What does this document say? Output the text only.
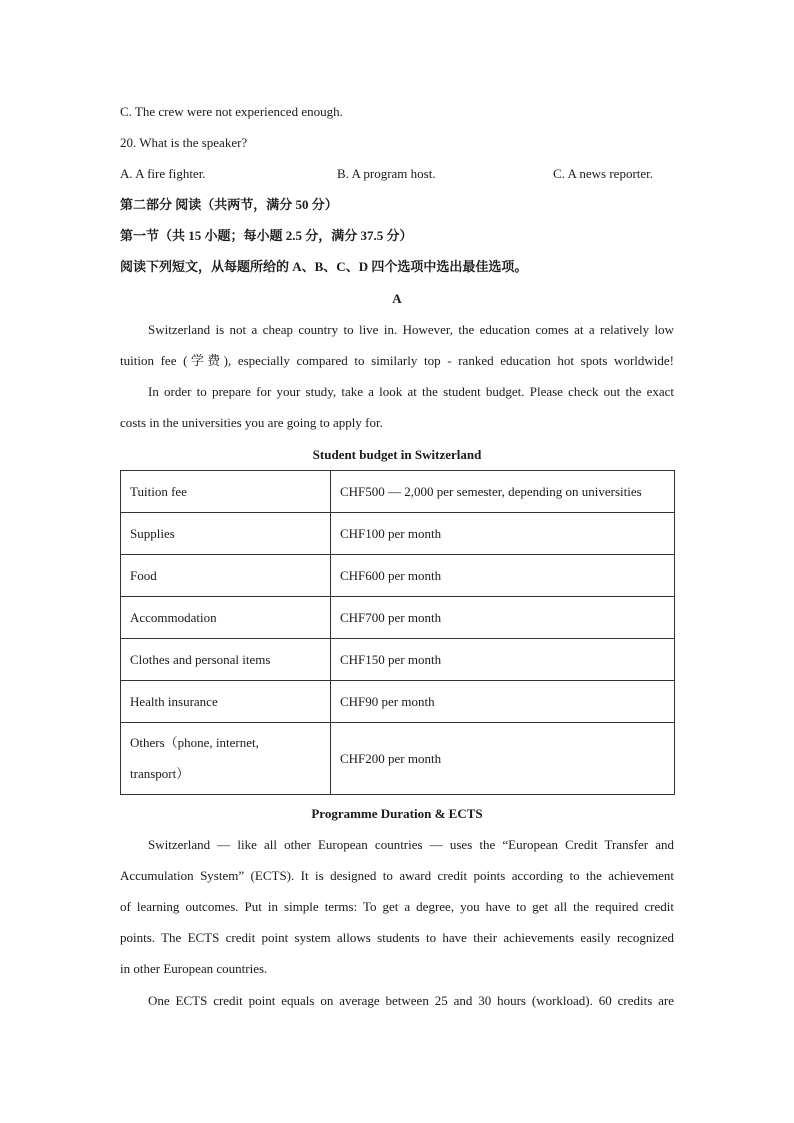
C. The crew were not experienced enough.
20. What is the speaker?
A. A fire fighter.	B. A program host.	C. A news reporter.
第二部分 阅读（共两节，满分 50 分）
第一节（共 15 小题；每小题 2.5 分，满分 37.5 分）
阅读下列短文，从每题所给的 A、B、C、D 四个选项中选出最佳选项。
A
Switzerland is not a cheap country to live in. However, the education comes at a relatively low
tuition fee (学费), especially compared to similarly top - ranked education hot spots worldwide!
In order to prepare for your study, take a look at the student budget. Please check out the exact
costs in the universities you are going to apply for.
Student budget in Switzerland
Tuition fee	CHF500 — 2,000 per semester, depending on universities
Supplies	CHF100 per month
Food	CHF600 per month
Accommodation	CHF700 per month
Clothes and personal items	CHF150 per month
Health insurance	CHF90 per month

Others（phone, internet,
transport）	CHF200 per month
Programme Duration & ECTS
Switzerland — like all other European countries — uses the “European Credit Transfer and
Accumulation System” (ECTS). It is designed to award credit points according to the achievement
of learning outcomes. Put in simple terms: To get a degree, you have to get all the required credit
points. The ECTS credit point system allows students to have their achievements easily recognized
in other European countries.
One ECTS credit point equals on average between 25 and 30 hours (workload). 60 credits are
